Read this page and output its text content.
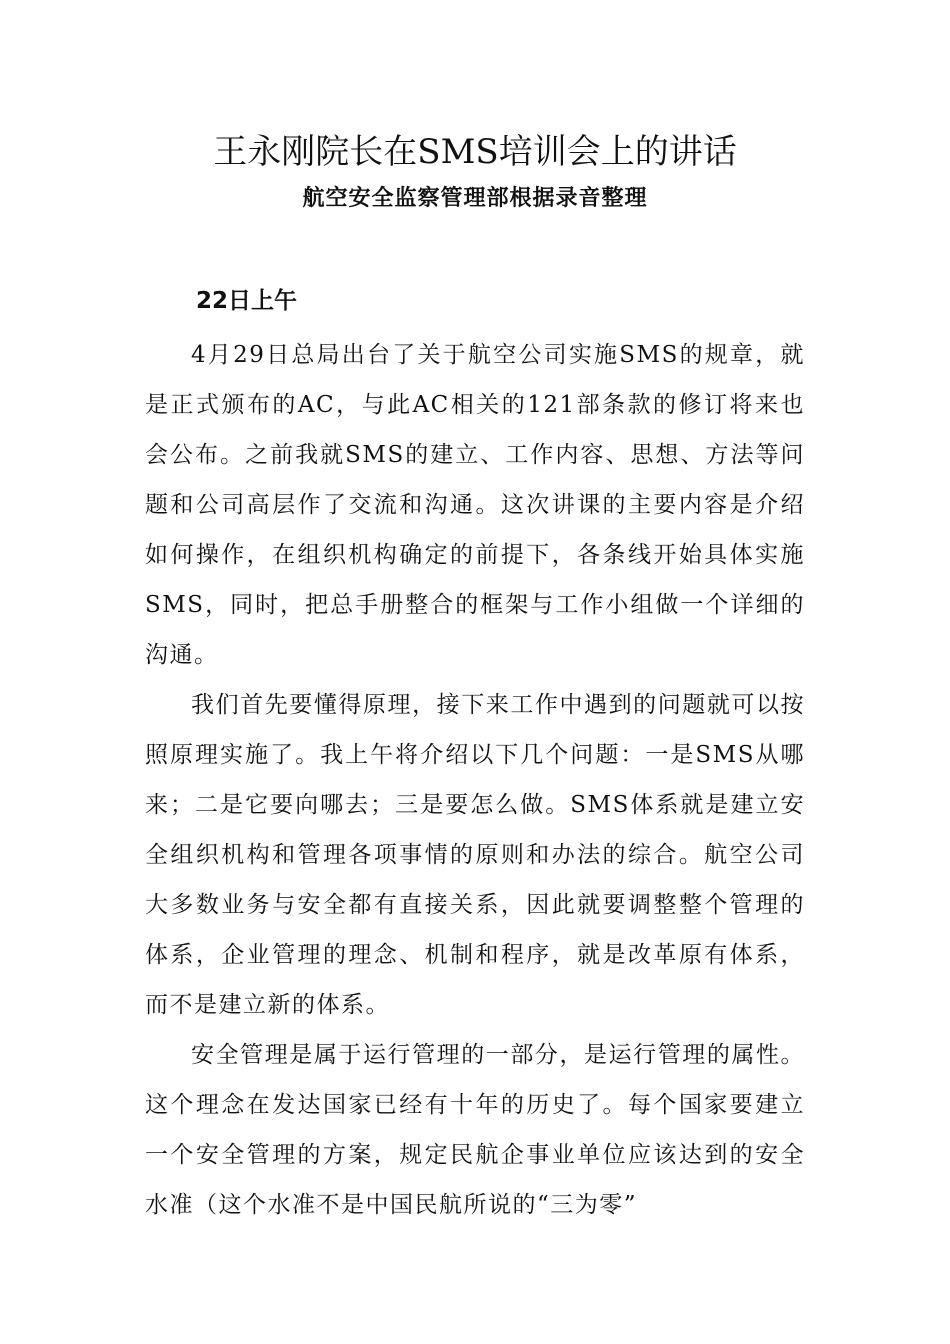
王永刚院长在SMS培训会上的讲话
航空安全监察管理部根据录音整理
22日上午

4月29日总局出台了关于航空公司实施SMS的规章，就是正式颁布的AC，与此AC相关的121部条款的修订将来也会公布。之前我就SMS的建立、工作内容、思想、方法等问题和公司高层作了交流和沟通。这次讲课的主要内容是介绍如何操作，在组织机构确定的前提下，各条线开始具体实施SMS，同时，把总手册整合的框架与工作小组做一个详细的沟通。

我们首先要懂得原理，接下来工作中遇到的问题就可以按照原理实施了。我上午将介绍以下几个问题：一是SMS从哪来；二是它要向哪去；三是要怎么做。SMS体系就是建立安全组织机构和管理各项事情的原则和办法的综合。航空公司大多数业务与安全都有直接关系，因此就要调整整个管理的体系，企业管理的理念、机制和程序，就是改革原有体系，而不是建立新的体系。

安全管理是属于运行管理的一部分，是运行管理的属性。这个理念在发达国家已经有十年的历史了。每个国家要建立一个安全管理的方案，规定民航企事业单位应该达到的安全水准（这个水准不是中国民航所说的“三为零”
